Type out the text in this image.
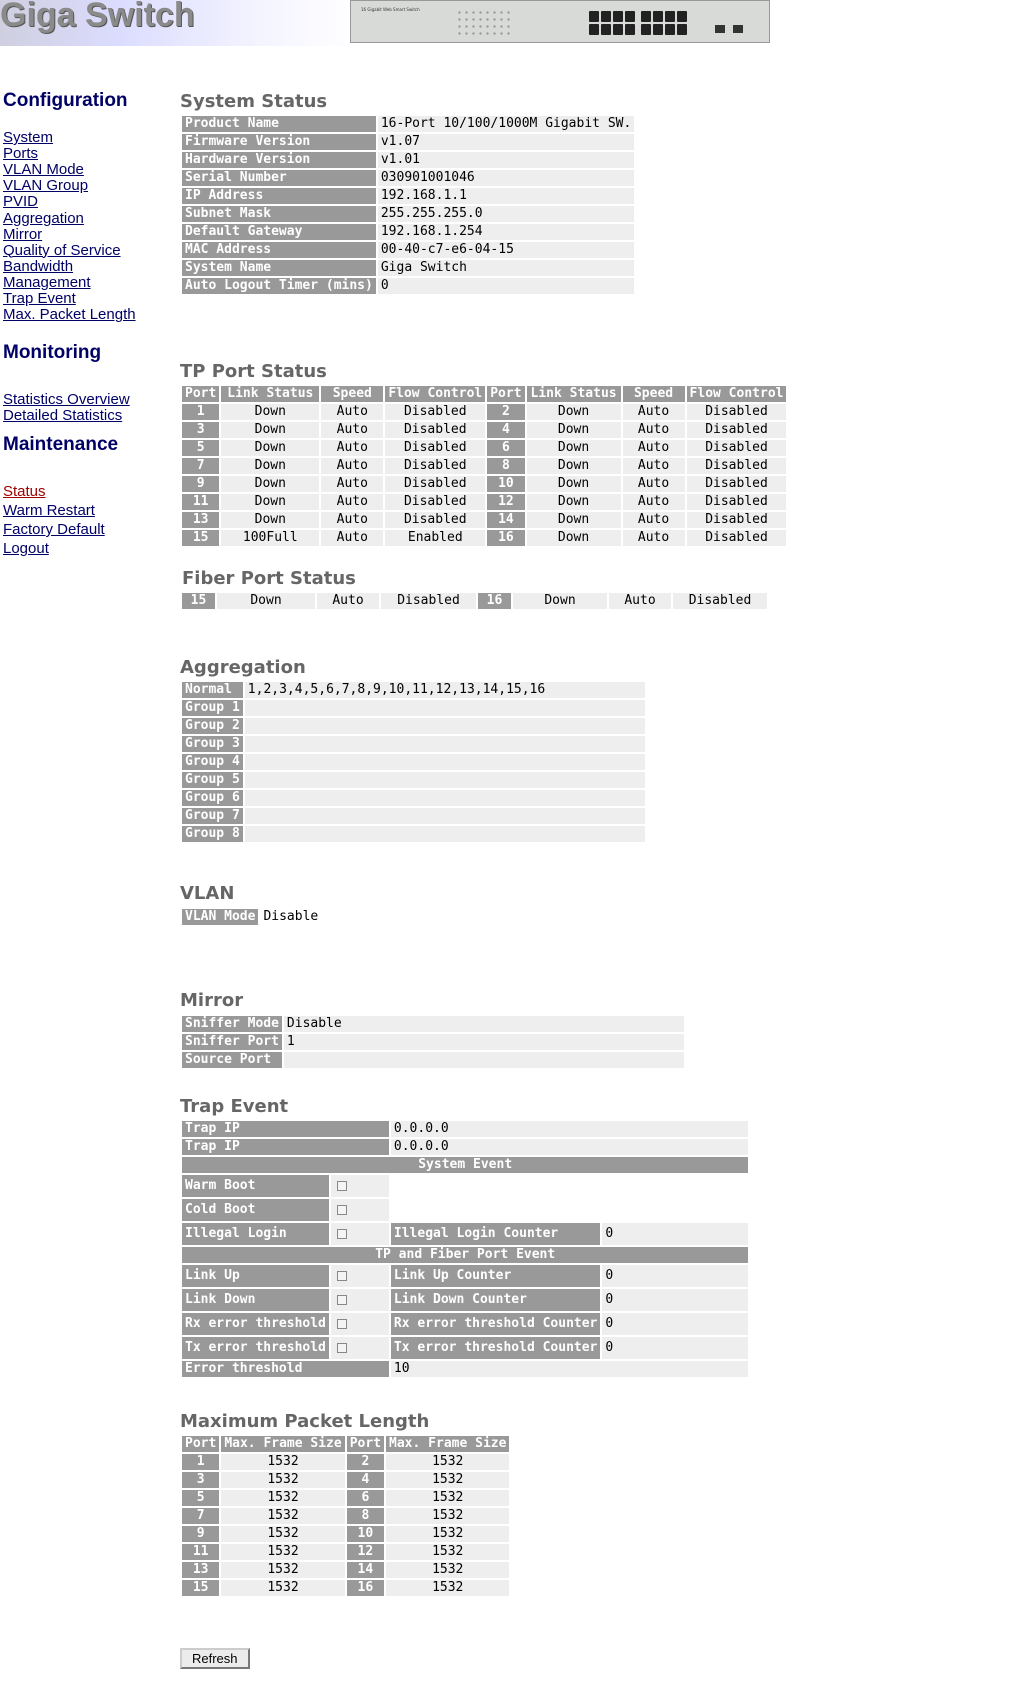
Giga Switch	16 Gigabit Web Smart Switch
Configuration
System
Ports
VLAN Mode
VLAN Group
PVID
Aggregation
Mirror
Quality of Service
Bandwidth
Management
Trap Event
Max. Packet Length
Monitoring
Statistics Overview
Detailed Statistics
Maintenance
Status
Warm Restart
Factory Default
Logout
System Status
Product Name	16-Port 10/100/1000M Gigabit SW.
Firmware Version	v1.07
Hardware Version	v1.01
Serial Number	030901001046
IP Address	192.168.1.1
Subnet Mask	255.255.255.0
Default Gateway	192.168.1.254
MAC Address	00-40-c7-e6-04-15
System Name	Giga Switch
Auto Logout Timer (mins)	0
TP Port Status
Port	Link Status	Speed	Flow Control	Port	Link Status	Speed	Flow Control
1	Down	Auto	Disabled	2	Down	Auto	Disabled
3	Down	Auto	Disabled	4	Down	Auto	Disabled
5	Down	Auto	Disabled	6	Down	Auto	Disabled
7	Down	Auto	Disabled	8	Down	Auto	Disabled
9	Down	Auto	Disabled	10	Down	Auto	Disabled
11	Down	Auto	Disabled	12	Down	Auto	Disabled
13	Down	Auto	Disabled	14	Down	Auto	Disabled
15	100Full	Auto	Enabled	16	Down	Auto	Disabled
Fiber Port Status
15	Down	Auto	Disabled	16	Down	Auto	Disabled
Aggregation
Normal	1,2,3,4,5,6,7,8,9,10,11,12,13,14,15,16
Group 1	
Group 2	
Group 3	
Group 4	
Group 5	
Group 6	
Group 7	
Group 8	
VLAN
VLAN Mode	Disable
Mirror
Sniffer Mode	Disable
Sniffer Port	1
Source Port	
Trap Event
Trap IP		0.0.0.0	
Trap IP		0.0.0.0	
System Event			
Warm Boot			
Cold Boot			
Illegal Login		Illegal Login Counter	0
TP and Fiber Port Event			
Link Up		Link Up Counter	0
Link Down		Link Down Counter	0
Rx error threshold		Rx error threshold Counter	0
Tx error threshold		Tx error threshold Counter	0
Error threshold		10	
Maximum Packet Length
Port	Max. Frame Size	Port	Max. Frame Size
1	1532	2	1532
3	1532	4	1532
5	1532	6	1532
7	1532	8	1532
9	1532	10	1532
11	1532	12	1532
13	1532	14	1532
15	1532	16	1532
Refresh
